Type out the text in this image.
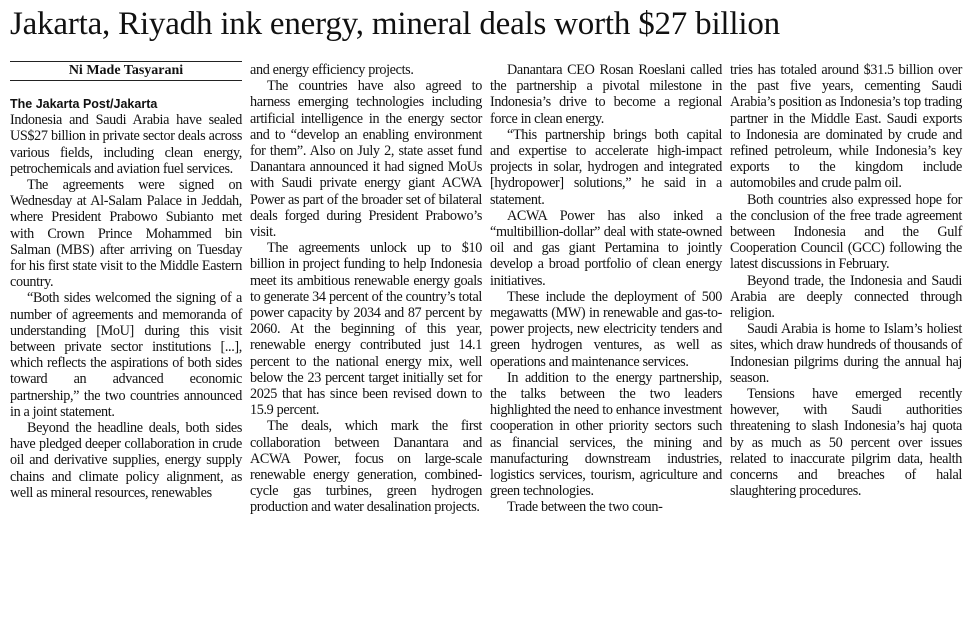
Jakarta, Riyadh ink energy, mineral deals worth $27 billion
Ni Made Tasyarani

The Jakarta Post/Jakarta

Indonesia and Saudi Arabia have sealed US$27 billion in private sector deals across various fields, including clean energy, petrochemicals and aviation fuel services.

The agreements were signed on Wednesday at Al-Salam Palace in Jeddah, where President Prabowo Subianto met with Crown Prince Mohammed bin Salman (MBS) after arriving on Tuesday for his first state visit to the Middle Eastern country.

“Both sides welcomed the signing of a number of agreements and memoranda of understanding [MoU] during this visit between private sector institutions [...], which reflects the aspirations of both sides toward an advanced economic partnership,” the two countries announced in a joint statement.

Beyond the headline deals, both sides have pledged deeper collaboration in crude oil and derivative supplies, energy supply chains and climate policy alignment, as well as mineral resources, renewables

and energy efficiency projects.

The countries have also agreed to harness emerging technologies including artificial intelligence in the energy sector and to “develop an enabling environment for them”. Also on July 2, state asset fund Danantara announced it had signed MoUs with Saudi private energy giant ACWA Power as part of the broader set of bilateral deals forged during President Prabowo’s visit.

The agreements unlock up to $10 billion in project funding to help Indonesia meet its ambitious renewable energy goals to generate 34 percent of the country’s total power capacity by 2034 and 87 percent by 2060. At the beginning of this year, renewable energy contributed just 14.1 percent to the national energy mix, well below the 23 percent target initially set for 2025 that has since been revised down to 15.9 percent.

The deals, which mark the first collaboration between Danantara and ACWA Power, focus on large-scale renewable energy generation, combined-cycle gas turbines, green hydrogen production and water desalination projects.

Danantara CEO Rosan Roeslani called the partnership a pivotal milestone in Indonesia’s drive to become a regional force in clean energy.

“This partnership brings both capital and expertise to accelerate high-impact projects in solar, hydrogen and integrated [hydropower] solutions,” he said in a statement.

ACWA Power has also inked a “multibillion-dollar” deal with state-owned oil and gas giant Pertamina to jointly develop a broad portfolio of clean energy initiatives.

These include the deployment of 500 megawatts (MW) in renewable and gas-to-power projects, new electricity tenders and green hydrogen ventures, as well as operations and maintenance services.

In addition to the energy partnership, the talks between the two leaders highlighted the need to enhance investment cooperation in other priority sectors such as financial services, the mining and manufacturing downstream industries, logistics services, tourism, agriculture and green technologies.

Trade between the two coun-

tries has totaled around $31.5 billion over the past five years, cementing Saudi Arabia’s position as Indonesia’s top trading partner in the Middle East. Saudi exports to Indonesia are dominated by crude and refined petroleum, while Indonesia’s key exports to the kingdom include automobiles and crude palm oil.

Both countries also expressed hope for the conclusion of the free trade agreement between Indonesia and the Gulf Cooperation Council (GCC) following the latest discussions in February.

Beyond trade, the Indonesia and Saudi Arabia are deeply connected through religion.

Saudi Arabia is home to Islam’s holiest sites, which draw hundreds of thousands of Indonesian pilgrims during the annual haj season.

Tensions have emerged recently however, with Saudi authorities threatening to slash Indonesia’s haj quota by as much as 50 percent over issues related to inaccurate pilgrim data, health concerns and breaches of halal slaughtering procedures.
